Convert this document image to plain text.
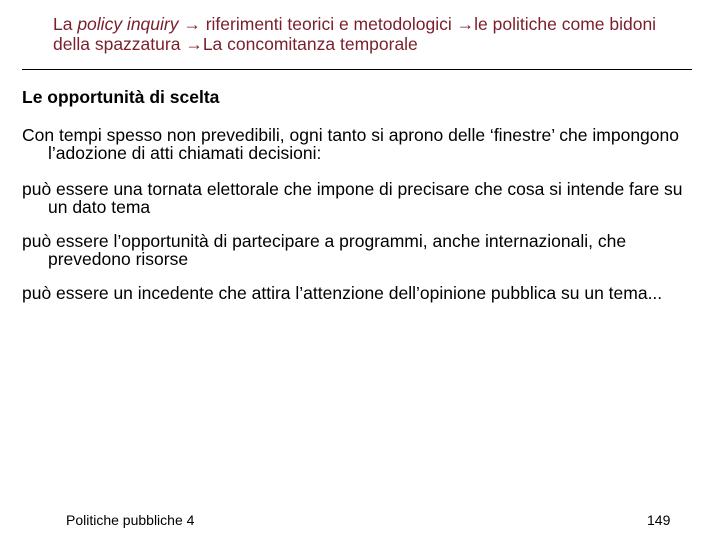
La policy inquiry → riferimenti teorici e metodologici →le politiche come bidoni della spazzatura →La concomitanza temporale
Le opportunità di scelta
Con tempi spesso non prevedibili, ogni tanto si aprono delle ‘finestre’ che impongono l’adozione di atti chiamati decisioni:
può essere una tornata elettorale che impone di precisare che cosa si intende fare su un dato tema
può essere l’opportunità di partecipare a programmi, anche internazionali, che prevedono risorse
può essere un incedente che attira l’attenzione dell’opinione pubblica su un tema...
Politiche pubbliche 4	149
